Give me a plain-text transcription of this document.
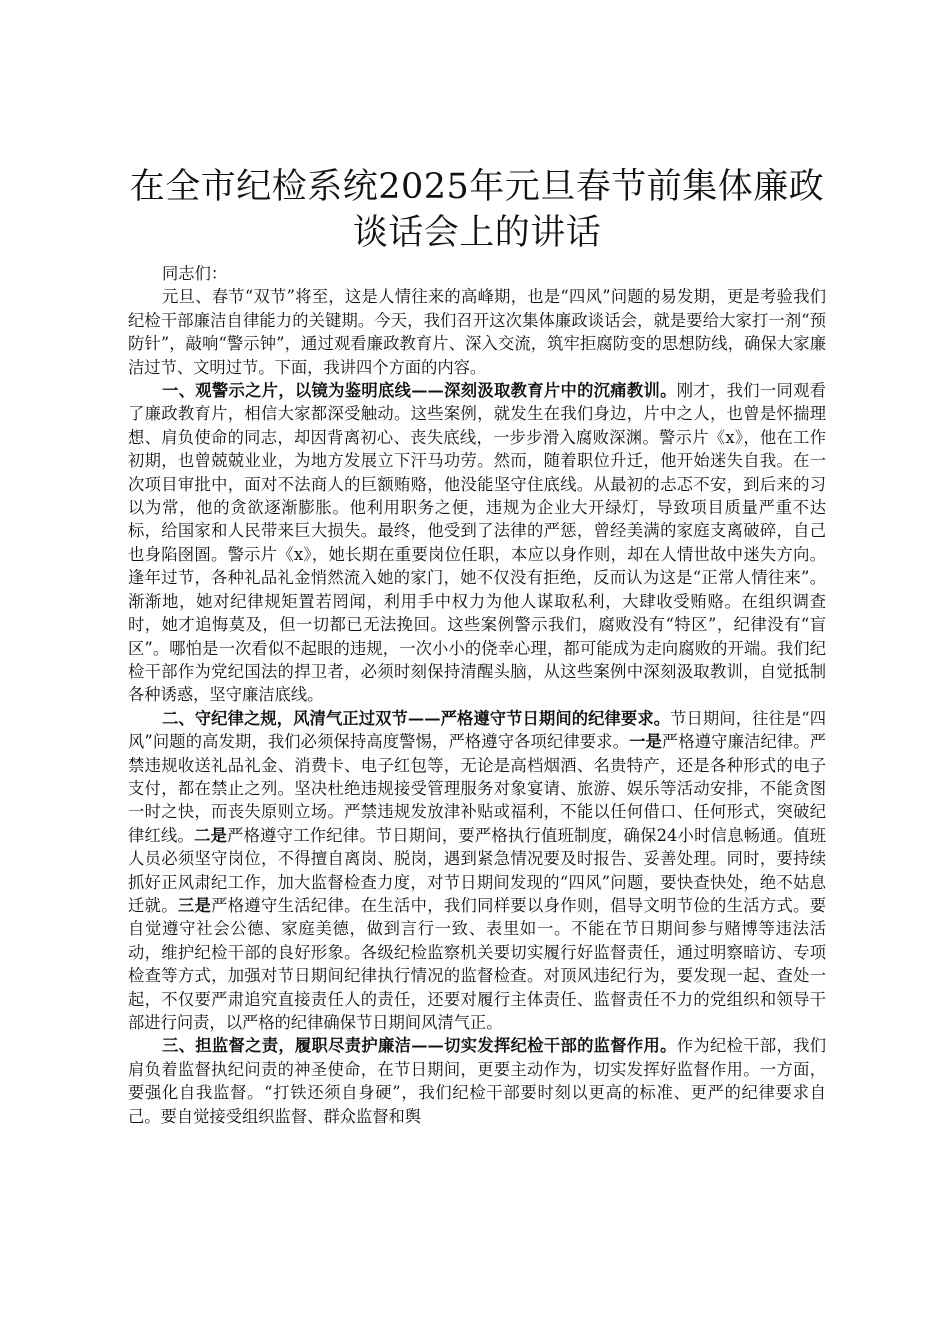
在全市纪检系统2025年元旦春节前集体廉政
谈话会上的讲话

同志们：

元旦、春节“双节”将至，这是人情往来的高峰期，也是“四风”问题的易发期，更是考验我们纪检干部廉洁自律能力的关键期。今天，我们召开这次集体廉政谈话会，就是要给大家打一剂“预防针”，敲响“警示钟”，通过观看廉政教育片、深入交流，筑牢拒腐防变的思想防线，确保大家廉洁过节、文明过节。下面，我讲四个方面的内容。

一、观警示之片，以镜为鉴明底线——深刻汲取教育片中的沉痛教训。刚才，我们一同观看了廉政教育片，相信大家都深受触动。这些案例，就发生在我们身边，片中之人，也曾是怀揣理想、肩负使命的同志，却因背离初心、丧失底线，一步步滑入腐败深渊。警示片《x》，他在工作初期，也曾兢兢业业，为地方发展立下汗马功劳。然而，随着职位升迁，他开始迷失自我。在一次项目审批中，面对不法商人的巨额贿赂，他没能坚守住底线。从最初的忐忑不安，到后来的习以为常，他的贪欲逐渐膨胀。他利用职务之便，违规为企业大开绿灯，导致项目质量严重不达标，给国家和人民带来巨大损失。最终，他受到了法律的严惩，曾经美满的家庭支离破碎，自己也身陷囹圄。警示片《x》，她长期在重要岗位任职，本应以身作则，却在人情世故中迷失方向。逢年过节，各种礼品礼金悄然流入她的家门，她不仅没有拒绝，反而认为这是“正常人情往来”。渐渐地，她对纪律规矩置若罔闻，利用手中权力为他人谋取私利，大肆收受贿赂。在组织调查时，她才追悔莫及，但一切都已无法挽回。这些案例警示我们，腐败没有“特区”，纪律没有“盲区”。哪怕是一次看似不起眼的违规，一次小小的侥幸心理，都可能成为走向腐败的开端。我们纪检干部作为党纪国法的捍卫者，必须时刻保持清醒头脑，从这些案例中深刻汲取教训，自觉抵制各种诱惑，坚守廉洁底线。

二、守纪律之规，风清气正过双节——严格遵守节日期间的纪律要求。节日期间，往往是“四风”问题的高发期，我们必须保持高度警惕，严格遵守各项纪律要求。一是严格遵守廉洁纪律。严禁违规收送礼品礼金、消费卡、电子红包等，无论是高档烟酒、名贵特产，还是各种形式的电子支付，都在禁止之列。坚决杜绝违规接受管理服务对象宴请、旅游、娱乐等活动安排，不能贪图一时之快，而丧失原则立场。严禁违规发放津补贴或福利，不能以任何借口、任何形式，突破纪律红线。二是严格遵守工作纪律。节日期间，要严格执行值班制度，确保24小时信息畅通。值班人员必须坚守岗位，不得擅自离岗、脱岗，遇到紧急情况要及时报告、妥善处理。同时，要持续抓好正风肃纪工作，加大监督检查力度，对节日期间发现的“四风”问题，要快查快处，绝不姑息迁就。三是严格遵守生活纪律。在生活中，我们同样要以身作则，倡导文明节俭的生活方式。要自觉遵守社会公德、家庭美德，做到言行一致、表里如一。不能在节日期间参与赌博等违法活动，维护纪检干部的良好形象。各级纪检监察机关要切实履行好监督责任，通过明察暗访、专项检查等方式，加强对节日期间纪律执行情况的监督检查。对顶风违纪行为，要发现一起、查处一起，不仅要严肃追究直接责任人的责任，还要对履行主体责任、监督责任不力的党组织和领导干部进行问责，以严格的纪律确保节日期间风清气正。

三、担监督之责，履职尽责护廉洁——切实发挥纪检干部的监督作用。作为纪检干部，我们肩负着监督执纪问责的神圣使命，在节日期间，更要主动作为，切实发挥好监督作用。一方面，要强化自我监督。“打铁还须自身硬”，我们纪检干部要时刻以更高的标准、更严的纪律要求自己。要自觉接受组织监督、群众监督和舆
